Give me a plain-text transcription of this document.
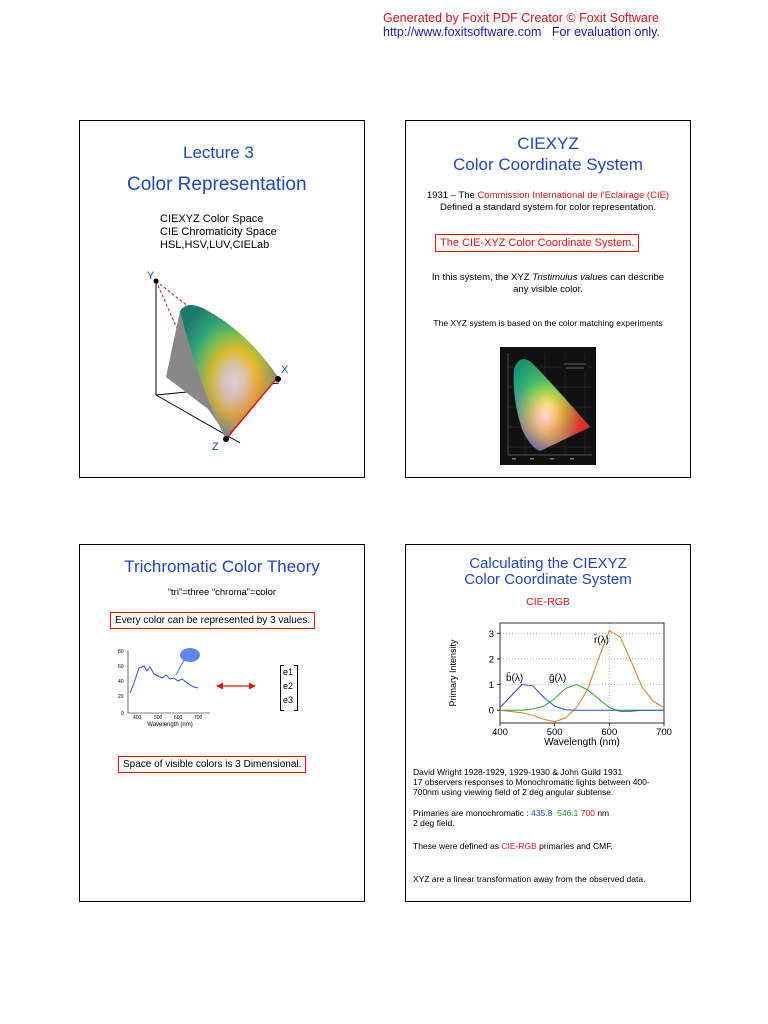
Generated by Foxit PDF Creator © Foxit Software
http://www.foxitsoftware.com For evaluation only.
Lecture 3
Color Representation
CIEXYZ Color Space
CIE Chromaticity Space
HSL,HSV,LUV,CIELab
Y
X
Z
CIEXYZ
Color Coordinate System
1931 – The Commission International de l’Eclairage (CIE)
Defined a standard system for color representation.
The CIE-XYZ Color Coordinate System.
In this system, the XYZ Tristimulus values can describe
any visible color.
The XYZ system is based on the color matching experiments
Trichromatic Color Theory
“tri”=three “chroma”=color
Every color can be represented by 3 values.
80
60
40
20
0
400	500 600 700
Wavelength (nm)
e1
e2
e3
Space of visible colors is 3 Dimensional.
Calculating the CIEXYZ
Color Coordinate System
CIE-RGB
0
1
2
3
400	500	600	700
Wavelength (nm)
Primary Intensity	r̄(λ)
ḡ(λ)
b̄(λ)
David Wright 1928-1929, 1929-1930 & John Guild 1931
17 observers responses to Monochromatic lights between 400-
700nm using viewing field of 2 deg angular subtense.
Primaries are monochromatic : 435.8 546.1 700 nm
2 deg field.
These were defined as CIE-RGB primaries and CMF.
XYZ are a linear transformation away from the observed data.
